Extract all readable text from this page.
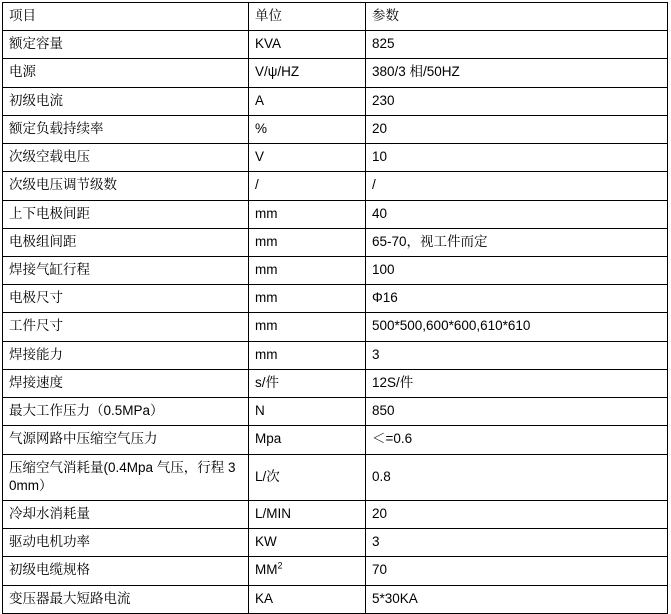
项目	单位	参数
额定容量	KVA	825
电源	V/ψ/HZ	380/3 相/50HZ
初级电流	A	230
额定负载持续率	%	20
次级空载电压	V	10
次级电压调节级数	/	/
上下电极间距	mm	40
电极组间距	mm	65-70，视工件而定
焊接气缸行程	mm	100
电极尺寸	mm	Φ16
工件尺寸	mm	500*500,600*600,610*610
焊接能力	mm	3
焊接速度	s/件	12S/件
最大工作压力（0.5MPa）	N	850
气源网路中压缩空气压力	Mpa	＜=0.6
压缩空气消耗量(0.4Mpa 气压，行程 30mm）	L/次	0.8
冷却水消耗量	L/MIN	20
驱动电机功率	KW	3
初级电缆规格	$MM^2$	70
变压器最大短路电流	KA	5*30KA
